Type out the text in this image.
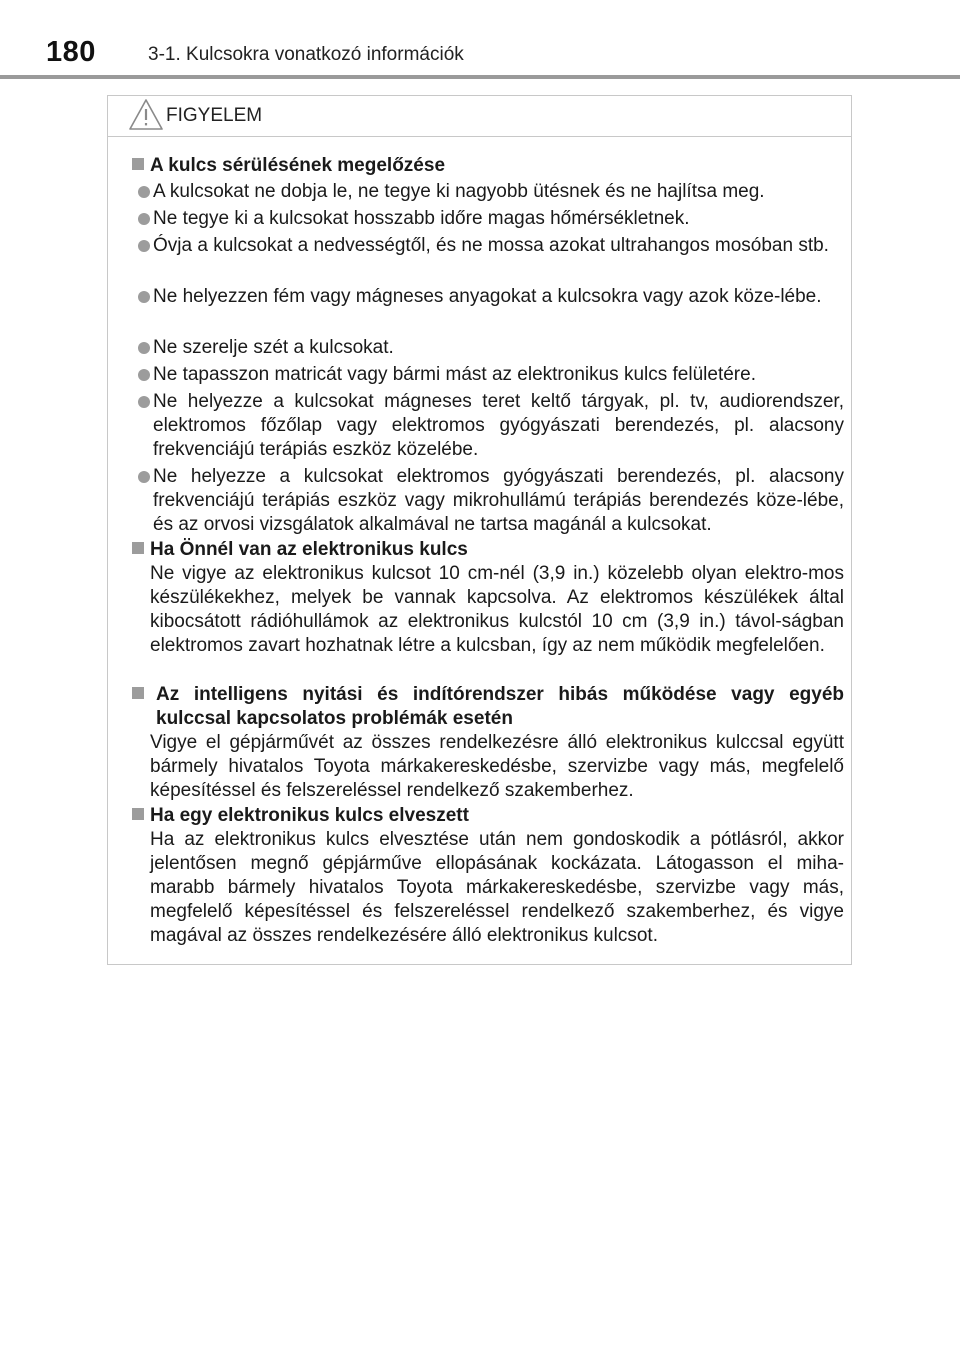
180	3-1. Kulcsokra vonatkozó információk
FIGYELEM
A kulcs sérülésének megelőzése
A kulcsokat ne dobja le, ne tegye ki nagyobb ütésnek és ne hajlítsa meg.
Ne tegye ki a kulcsokat hosszabb időre magas hőmérsékletnek.
Óvja a kulcsokat a nedvességtől, és ne mossa azokat ultrahangos mosóban stb.
Ne helyezzen fém vagy mágneses anyagokat a kulcsokra vagy azok köze-lébe.
Ne szerelje szét a kulcsokat.
Ne tapasszon matricát vagy bármi mást az elektronikus kulcs felületére.
Ne helyezze a kulcsokat mágneses teret keltő tárgyak, pl. tv, audiorendszer, elektromos főzőlap vagy elektromos gyógyászati berendezés, pl. alacsony frekvenciájú terápiás eszköz közelébe.
Ne helyezze a kulcsokat elektromos gyógyászati berendezés, pl. alacsony frekvenciájú terápiás eszköz vagy mikrohullámú terápiás berendezés köze-lébe, és az orvosi vizsgálatok alkalmával ne tartsa magánál a kulcsokat.
Ha Önnél van az elektronikus kulcs
Ne vigye az elektronikus kulcsot 10 cm-nél (3,9 in.) közelebb olyan elektro-mos készülékekhez, melyek be vannak kapcsolva. Az elektromos készülékek által kibocsátott rádióhullámok az elektronikus kulcstól 10 cm (3,9 in.) távol-ságban elektromos zavart hozhatnak létre a kulcsban, így az nem működik megfelelően.
Az intelligens nyitási és indítórendszer hibás működése vagy egyéb kulccsal kapcsolatos problémák esetén
Vigye el gépjárművét az összes rendelkezésre álló elektronikus kulccsal együtt bármely hivatalos Toyota márkakereskedésbe, szervizbe vagy más, megfelelő képesítéssel és felszereléssel rendelkező szakemberhez.
Ha egy elektronikus kulcs elveszett
Ha az elektronikus kulcs elvesztése után nem gondoskodik a pótlásról, akkor jelentősen megnő gépjárműve ellopásának kockázata. Látogasson el miha-marabb bármely hivatalos Toyota márkakereskedésbe, szervizbe vagy más, megfelelő képesítéssel és felszereléssel rendelkező szakemberhez, és vigye magával az összes rendelkezésére álló elektronikus kulcsot.
